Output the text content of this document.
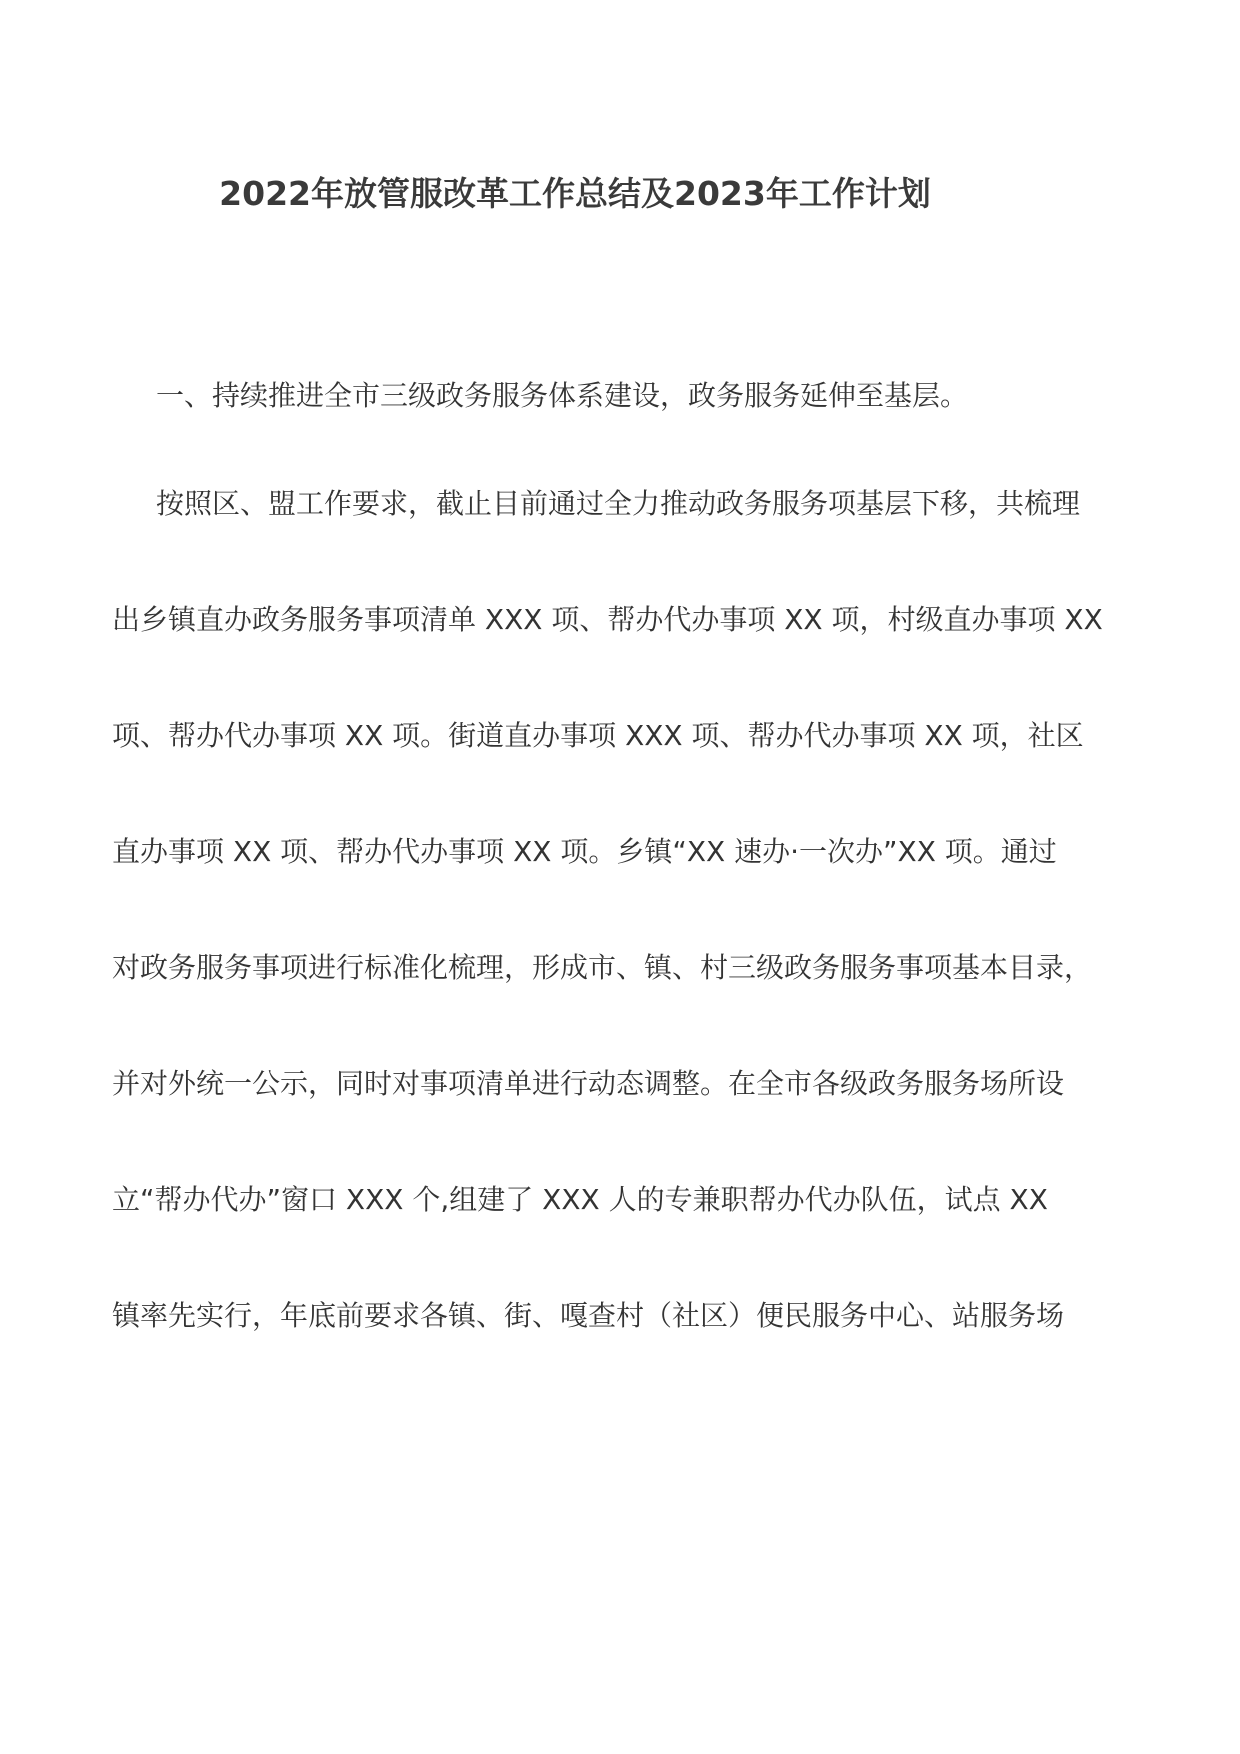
2022年放管服改革工作总结及2023年工作计划
一、持续推进全市三级政务服务体系建设，政务服务延伸至基层。
按照区、盟工作要求，截止目前通过全力推动政务服务项基层下移，共梳理
出乡镇直办政务服务事项清单 XXX 项、帮办代办事项 XX 项，村级直办事项 XX
项、帮办代办事项 XX 项。街道直办事项 XXX 项、帮办代办事项 XX 项，社区
直办事项 XX 项、帮办代办事项 XX 项。乡镇“XX 速办·一次办”XX 项。通过
对政务服务事项进行标准化梳理，形成市、镇、村三级政务服务事项基本目录，
并对外统一公示，同时对事项清单进行动态调整。在全市各级政务服务场所设
立“帮办代办”窗口 XXX 个,组建了 XXX 人的专兼职帮办代办队伍，试点 XX
镇率先实行，年底前要求各镇、街、嘎查村（社区）便民服务中心、站服务场
